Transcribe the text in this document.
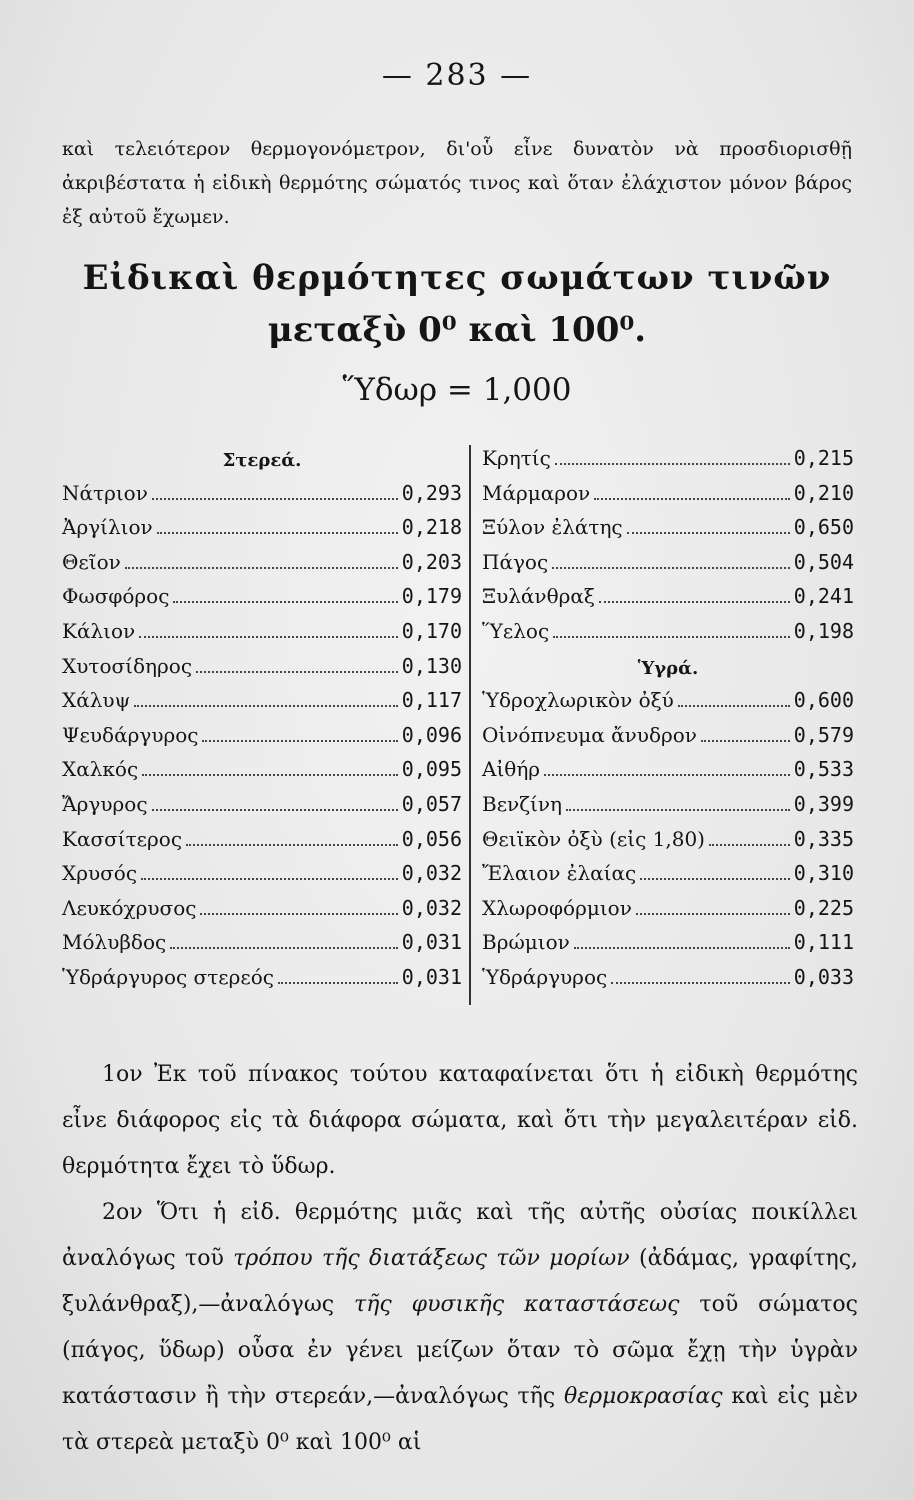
— 283 —
καὶ τελειότερον θερμογονόμετρον, δι'οὗ εἶνε δυνατὸν νὰ προσδιορισθῇ ἀκριβέστατα ἡ εἰδικὴ θερμότης σώματός τινος καὶ ὅταν ἐλάχιστον μόνον βάρος ἐξ αὐτοῦ ἔχωμεν.
Εἰδικαὶ θερμότητες σωμάτων τινῶν
μεταξὺ 0⁰ καὶ 100⁰.
Ὕδωρ = 1,000
Στερεά.
Νάτριον	0,293
Ἀργίλιον	0,218
Θεῖον	0,203
Φωσφόρος	0,179
Κάλιον	0,170
Χυτοσίδηρος	0,130
Χάλυψ	0,117
Ψευδάργυρος	0,096
Χαλκός	0,095
Ἄργυρος	0,057
Κασσίτερος	0,056
Χρυσός	0,032
Λευκόχρυσος	0,032
Μόλυβδος	0,031
Ὑδράργυρος στερεός	0,031
Κρητίς	0,215
Μάρμαρον	0,210
Ξύλον ἐλάτης	0,650
Πάγος	0,504
Ξυλάνθραξ	0,241
Ὕελος	0,198
Ὑγρά.
Ὑδροχλωρικὸν ὀξύ	0,600
Οἰνόπνευμα ἄνυδρον	0,579
Αἰθήρ	0,533
Βενζίνη	0,399
Θειϊκὸν ὀξὺ (εἰς 1,80)	0,335
Ἔλαιον ἐλαίας	0,310
Χλωροφόρμιον	0,225
Βρώμιον	0,111
Ὑδράργυρος	0,033

1ον Ἐκ τοῦ πίνακος τούτου καταφαίνεται ὅτι ἡ εἰδικὴ θερμότης εἶνε διάφορος εἰς τὰ διάφορα σώματα, καὶ ὅτι τὴν μεγαλειτέραν εἰδ. θερμότητα ἔχει τὸ ὕδωρ.

2ον Ὅτι ἡ εἰδ. θερμότης μιᾶς καὶ τῆς αὐτῆς οὐσίας ποικίλλει ἀναλόγως τοῦ τρόπου τῆς διατάξεως τῶν μορίων (ἀδάμας, γραφίτης, ξυλάνθραξ),—ἀναλόγως τῆς φυσικῆς καταστάσεως τοῦ σώματος (πάγος, ὕδωρ) οὖσα ἐν γένει μείζων ὅταν τὸ σῶμα ἔχῃ τὴν ὑγρὰν κατάστασιν ἢ τὴν στερεάν,—ἀναλόγως τῆς θερμοκρασίας καὶ εἰς μὲν τὰ στερεὰ μεταξὺ 0⁰ καὶ 100⁰ αἱ
